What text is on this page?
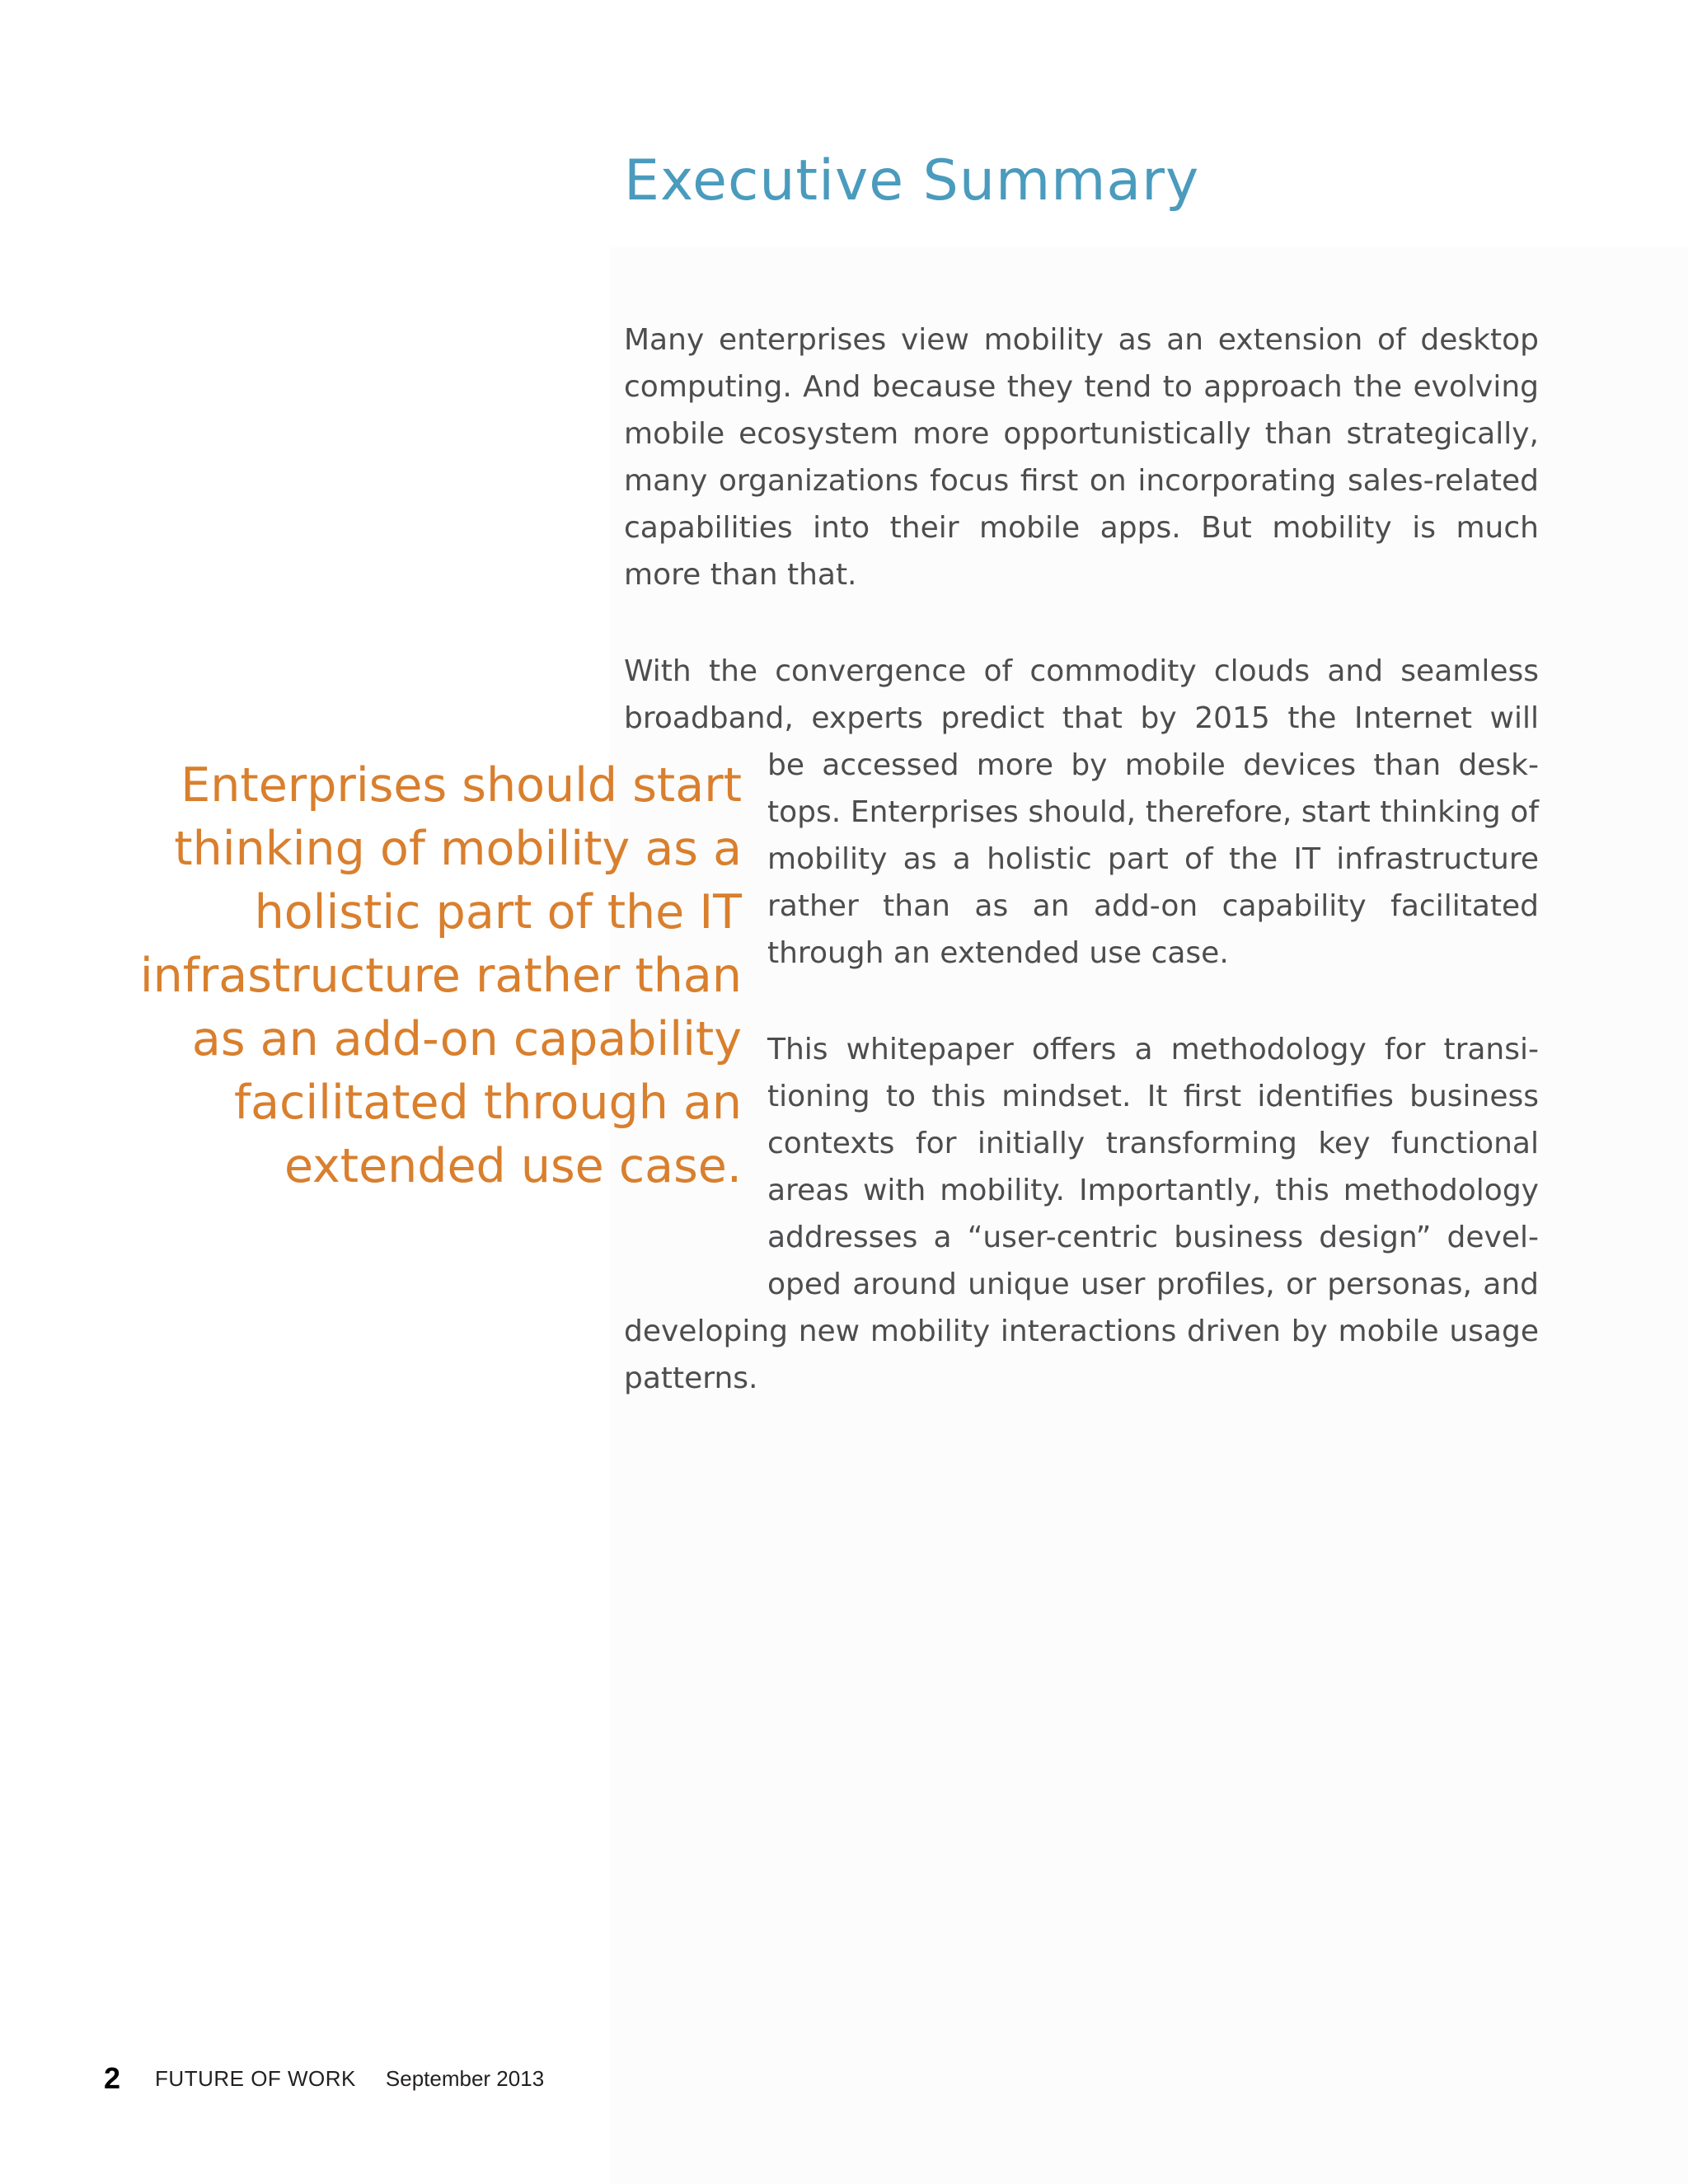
Executive Summary

Many enterprises view mobility as an extension of desktop computing. And because they tend to approach the evolving mobile ecosystem more opportunistically than strategically, many organizations focus first on incorporating sales-related capabilities into their mobile apps. But mobility is much more than that.

With the convergence of commodity clouds and seamless broadband, experts predict that by 2015 the Internet will

be accessed more by mobile devices than desktops. Enterprises should, therefore, start thinking of mobility as a holistic part of the IT infrastructure rather than as an add-on capability facilitated through an extended use case.

This whitepaper offers a methodology for transitioning to this mindset. It first identifies business contexts for initially transforming key functional areas with mobility. Importantly, this methodology addresses a “user-centric business design” developed around unique user profiles, or personas, and

developing new mobility interactions driven by mobile usage patterns.

Enterprises should start thinking of mobility as a holistic part of the IT infrastructure rather than as an add-on capability facilitated through an extended use case.

2 FUTURE OF WORK September 2013
